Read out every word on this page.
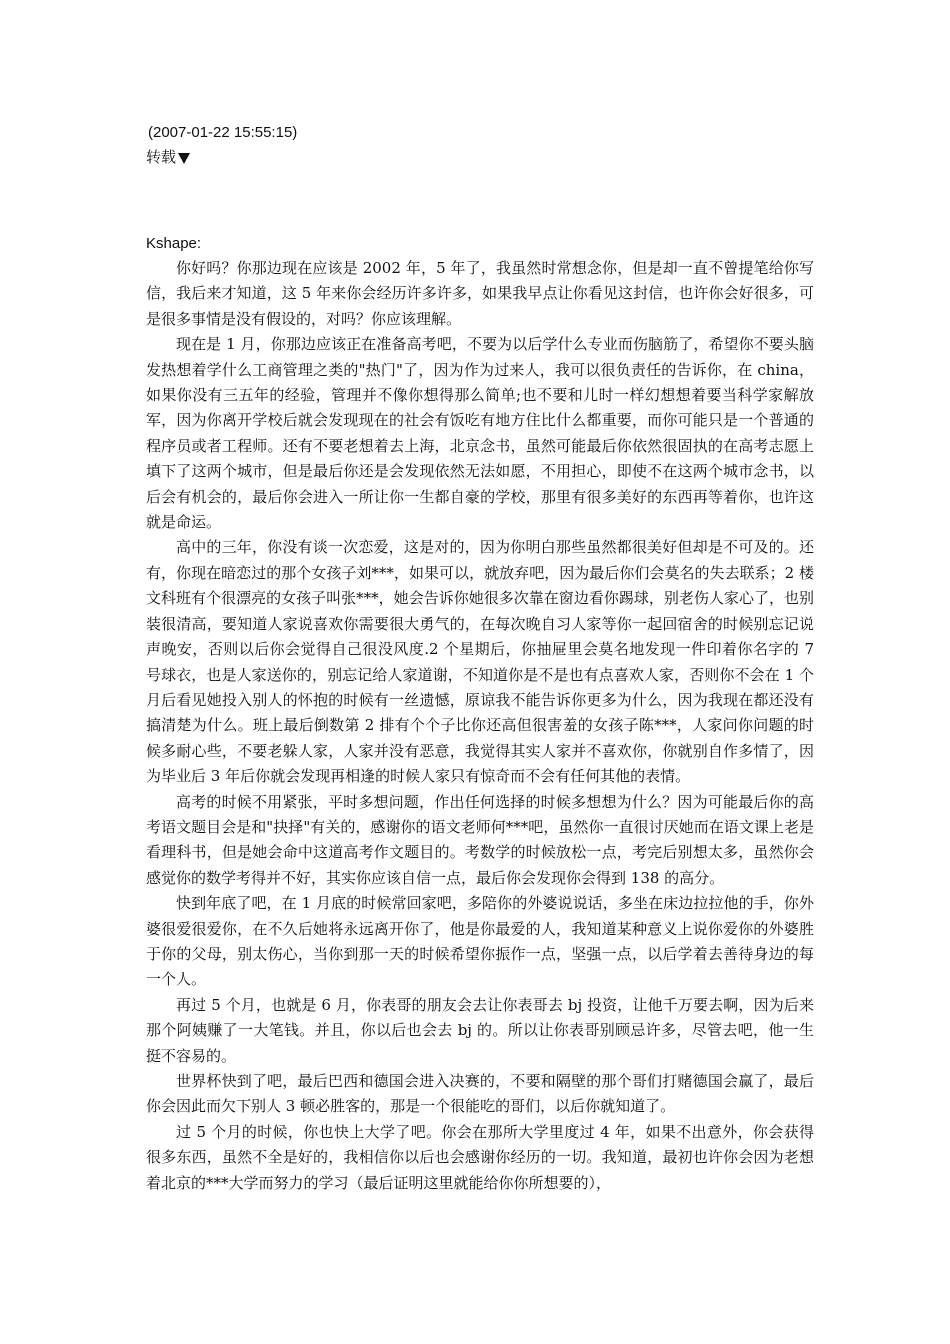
(2007-01-22 15:55:15)

转载

Kshape:

你好吗？你那边现在应该是 2002 年，5 年了，我虽然时常想念你，但是却一直不曾提笔给你写信，我后来才知道，这 5 年来你会经历许多许多，如果我早点让你看见这封信，也许你会好很多，可是很多事情是没有假设的，对吗？你应该理解。

现在是 1 月，你那边应该正在准备高考吧，不要为以后学什么专业而伤脑筋了，希望你不要头脑发热想着学什么工商管理之类的"热门"了，因为作为过来人，我可以很负责任的告诉你，在 china，如果你没有三五年的经验，管理并不像你想得那么简单;也不要和儿时一样幻想想着要当科学家解放军，因为你离开学校后就会发现现在的社会有饭吃有地方住比什么都重要，而你可能只是一个普通的程序员或者工程师。还有不要老想着去上海，北京念书，虽然可能最后你依然很固执的在高考志愿上填下了这两个城市，但是最后你还是会发现依然无法如愿，不用担心，即使不在这两个城市念书，以后会有机会的，最后你会进入一所让你一生都自豪的学校，那里有很多美好的东西再等着你，也许这就是命运。

高中的三年，你没有谈一次恋爱，这是对的，因为你明白那些虽然都很美好但却是不可及的。还有，你现在暗恋过的那个女孩子刘***，如果可以，就放弃吧，因为最后你们会莫名的失去联系；2 楼文科班有个很漂亮的女孩子叫张***，她会告诉你她很多次靠在窗边看你踢球，别老伤人家心了，也别装很清高，要知道人家说喜欢你需要很大勇气的，在每次晚自习人家等你一起回宿舍的时候别忘记说声晚安，否则以后你会觉得自己很没风度.2 个星期后，你抽屉里会莫名地发现一件印着你名字的 7 号球衣，也是人家送你的，别忘记给人家道谢，不知道你是不是也有点喜欢人家，否则你不会在 1 个月后看见她投入别人的怀抱的时候有一丝遗憾，原谅我不能告诉你更多为什么，因为我现在都还没有搞清楚为什么。班上最后倒数第 2 排有个个子比你还高但很害羞的女孩子陈***，人家问你问题的时候多耐心些，不要老躲人家，人家并没有恶意，我觉得其实人家并不喜欢你，你就别自作多情了，因为毕业后 3 年后你就会发现再相逢的时候人家只有惊奇而不会有任何其他的表情。

高考的时候不用紧张，平时多想问题，作出任何选择的时候多想想为什么？因为可能最后你的高考语文题目会是和"抉择"有关的，感谢你的语文老师何***吧，虽然你一直很讨厌她而在语文课上老是看理科书，但是她会命中这道高考作文题目的。考数学的时候放松一点，考完后别想太多，虽然你会感觉你的数学考得并不好，其实你应该自信一点，最后你会发现你会得到 138 的高分。

快到年底了吧，在 1 月底的时候常回家吧，多陪你的外婆说说话，多坐在床边拉拉他的手，你外婆很爱很爱你，在不久后她将永远离开你了，他是你最爱的人，我知道某种意义上说你爱你的外婆胜于你的父母，别太伤心，当你到那一天的时候希望你振作一点，坚强一点，以后学着去善待身边的每一个人。

再过 5 个月，也就是 6 月，你表哥的朋友会去让你表哥去 bj 投资，让他千万要去啊，因为后来那个阿姨赚了一大笔钱。并且，你以后也会去 bj 的。所以让你表哥别顾忌许多，尽管去吧，他一生挺不容易的。

世界杯快到了吧，最后巴西和德国会进入决赛的，不要和隔壁的那个哥们打赌德国会赢了，最后你会因此而欠下别人 3 顿必胜客的，那是一个很能吃的哥们，以后你就知道了。

过 5 个月的时候，你也快上大学了吧。你会在那所大学里度过 4 年，如果不出意外，你会获得很多东西，虽然不全是好的，我相信你以后也会感谢你经历的一切。我知道，最初也许你会因为老想着北京的***大学而努力的学习（最后证明这里就能给你你所想要的），
